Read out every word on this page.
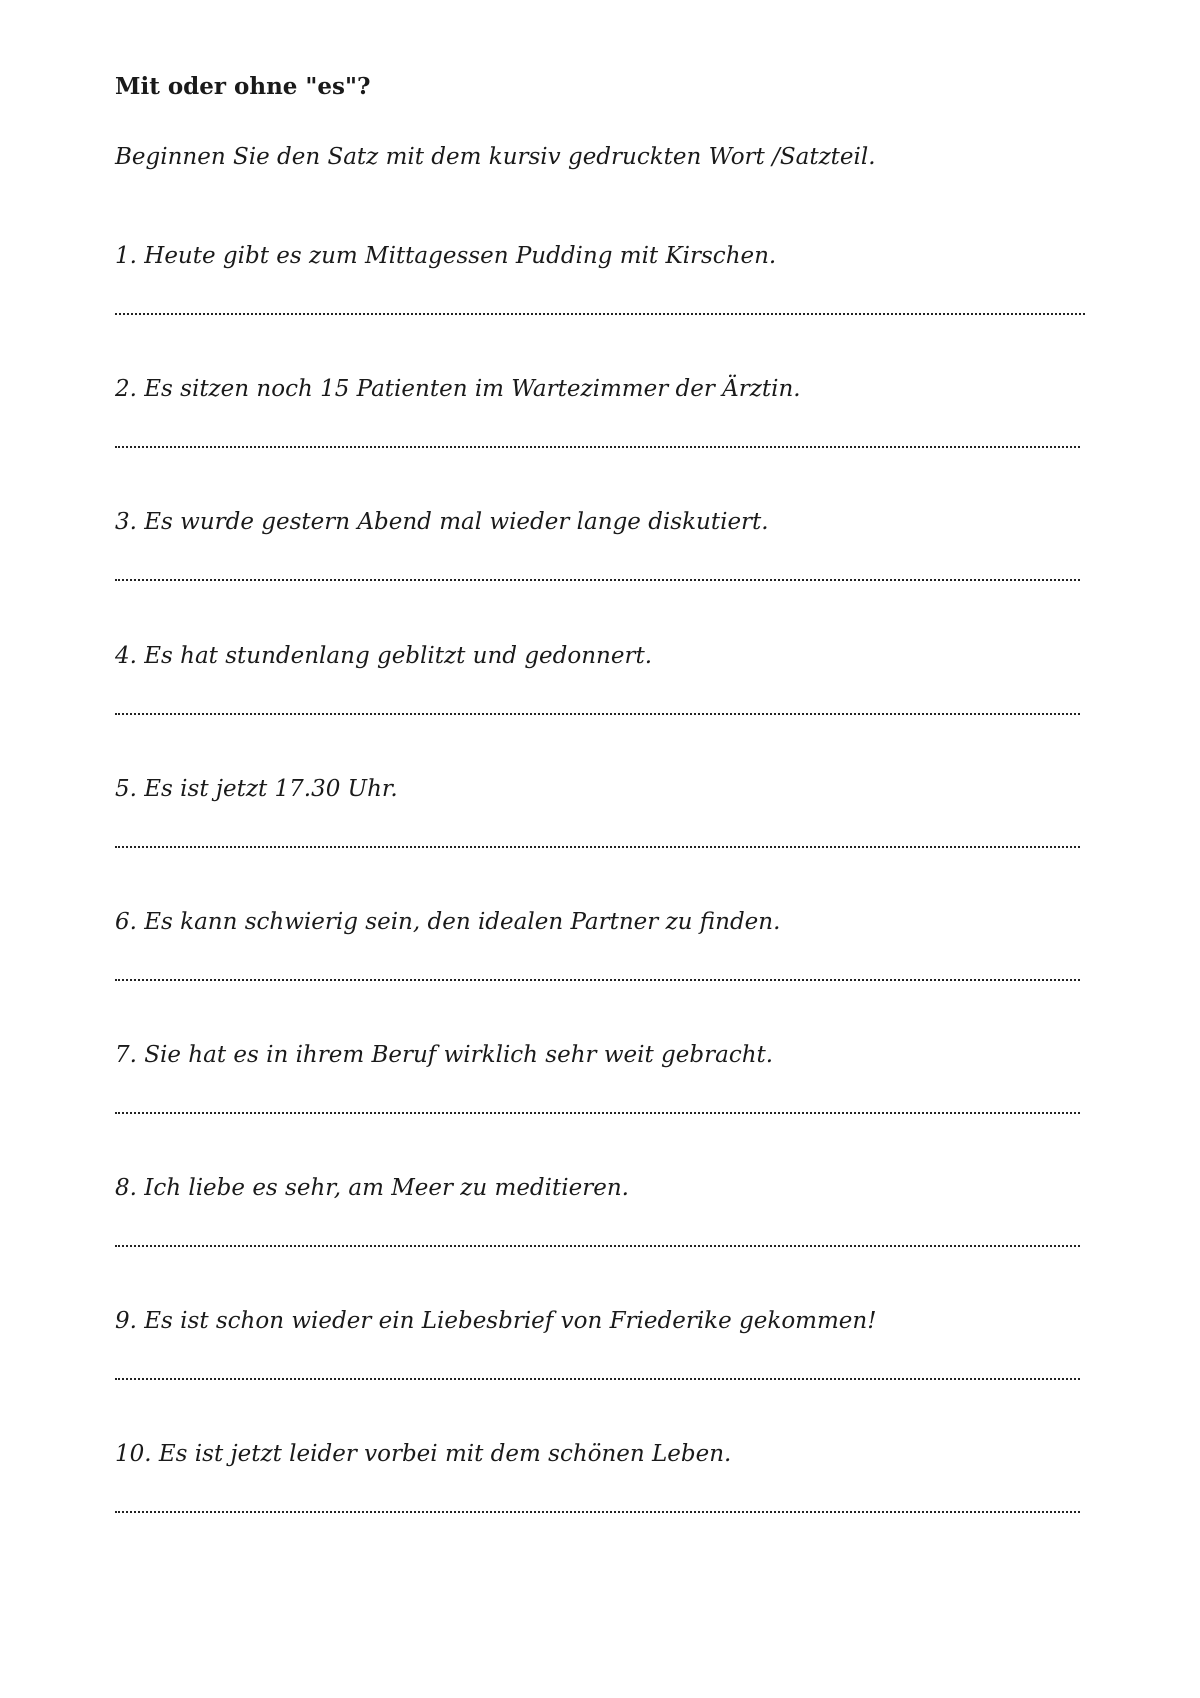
Mit oder ohne "es"?

Beginnen Sie den Satz mit dem kursiv gedruckten Wort /Satzteil.

1. Heute gibt es zum Mittagessen Pudding mit Kirschen.

2. Es sitzen noch 15 Patienten im Wartezimmer der Ärztin.

3. Es wurde gestern Abend mal wieder lange diskutiert.

4. Es hat stundenlang geblitzt und gedonnert.

5. Es ist jetzt 17.30 Uhr.

6. Es kann schwierig sein, den idealen Partner zu finden.

7. Sie hat es in ihrem Beruf wirklich sehr weit gebracht.

8. Ich liebe es sehr, am Meer zu meditieren.

9. Es ist schon wieder ein Liebesbrief von Friederike gekommen!

10. Es ist jetzt leider vorbei mit dem schönen Leben.
